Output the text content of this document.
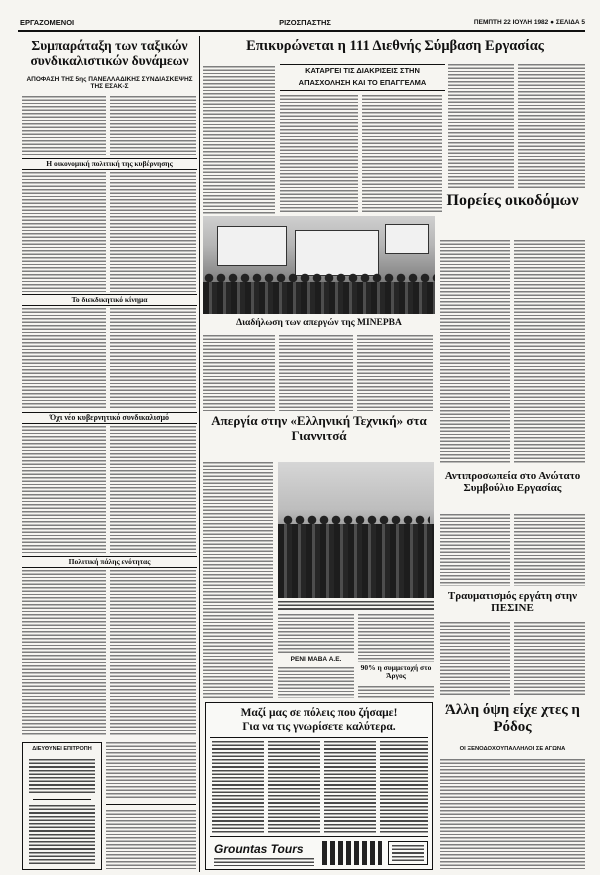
ΕΡΓΑΖΟΜΕΝΟΙ	ΡΙΖΟΣΠΑΣΤΗΣ	ΠΕΜΠΤΗ 22 ΙΟΥΛΗ 1982 ● ΣΕΛΙΔΑ 5
Συμπαράταξη των ταξικών συνδικαλιστικών δυνάμεων
ΑΠΟΦΑΣΗ ΤΗΣ 5ης ΠΑΝΕΛΛΑΔΙΚΗΣ ΣΥΝΔΙΑΣΚΕΨΗΣ ΤΗΣ ΕΣΑΚ-Σ
Η οικονομική πολιτική της κυβέρνησης
Το διεκδικητικό κίνημα
Όχι νέο κυβερνητικό συνδικαλισμό
Πολιτική πάλης ενότητας
ΔΙΕΥΘΥΝΕΙ ΕΠΙΤΡΟΠΗ
Επικυρώνεται η 111 Διεθνής Σύμβαση Εργασίας
ΚΑΤΑΡΓΕΙ ΤΙΣ ΔΙΑΚΡΙΣΕΙΣ ΣΤΗΝ ΑΠΑΣΧΟΛΗΣΗ ΚΑΙ ΤΟ ΕΠΑΓΓΕΛΜΑ
Διαδήλωση των απεργών της ΜΙΝΕΡΒΑ
Πορείες οικοδόμων
Απεργία στην «Ελληνική Τεχνική» στα Γιαννιτσά
ΡΕΝΙ ΜΑΒΑ Α.Ε.
90% η συμμετοχή στο Άργος
Αντιπροσωπεία στο Ανώτατο Συμβούλιο Εργασίας
Τραυματισμός εργάτη στην ΠΕΣΙΝΕ
Μαζί μας σε πόλεις που ζήσαμε!
Για να τις γνωρίσετε καλύτερα.
Grountas Tours
Άλλη όψη είχε χτες η Ρόδος
ΟΙ ΞΕΝΟΔΟΧΟΫΠΑΛΛΗΛΟΙ ΣΕ ΑΓΩΝΑ
